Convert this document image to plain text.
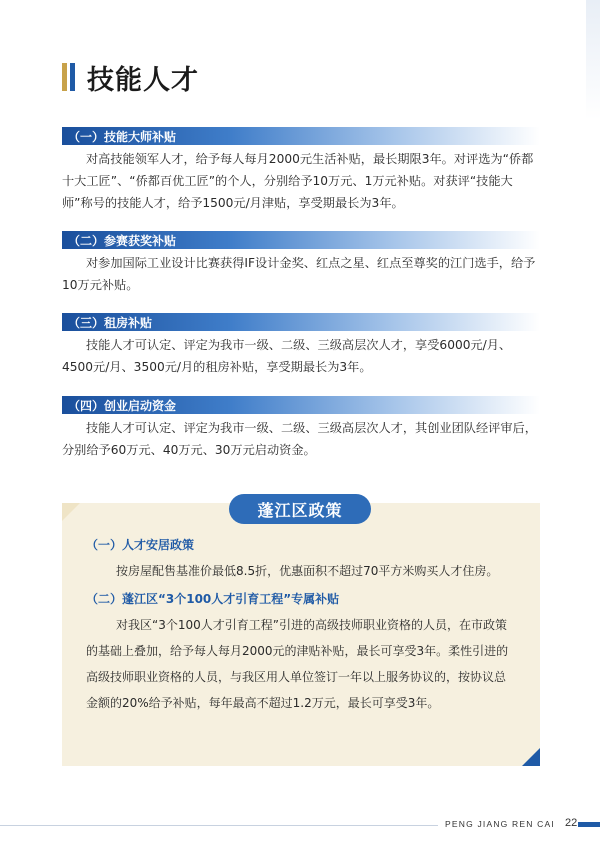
技能人才
（一）技能大师补贴

对高技能领军人才，给予每人每月2000元生活补贴，最长期限3年。对评选为“侨都十大工匠”、“侨都百优工匠”的个人，分别给予10万元、1万元补贴。对获评“技能大师”称号的技能人才，给予1500元/月津贴，享受期最长为3年。

（二）参赛获奖补贴

对参加国际工业设计比赛获得IF设计金奖、红点之星、红点至尊奖的江门选手，给予10万元补贴。

（三）租房补贴

技能人才可认定、评定为我市一级、二级、三级高层次人才，享受6000元/月、4500元/月、3500元/月的租房补贴，享受期最长为3年。

（四）创业启动资金

技能人才可认定、评定为我市一级、二级、三级高层次人才，其创业团队经评审后，分别给予60万元、40万元、30万元启动资金。

蓬江区政策
（一）人才安居政策

按房屋配售基准价最低8.5折，优惠面积不超过70平方米购买人才住房。

（二）蓬江区“3个100人才引育工程”专属补贴

对我区“3个100人才引育工程”引进的高级技师职业资格的人员，在市政策的基础上叠加，给予每人每月2000元的津贴补贴，最长可享受3年。柔性引进的高级技师职业资格的人员，与我区用人单位签订一年以上服务协议的，按协议总金额的20%给予补贴，每年最高不超过1.2万元，最长可享受3年。

PENG JIANG REN CAI 22
